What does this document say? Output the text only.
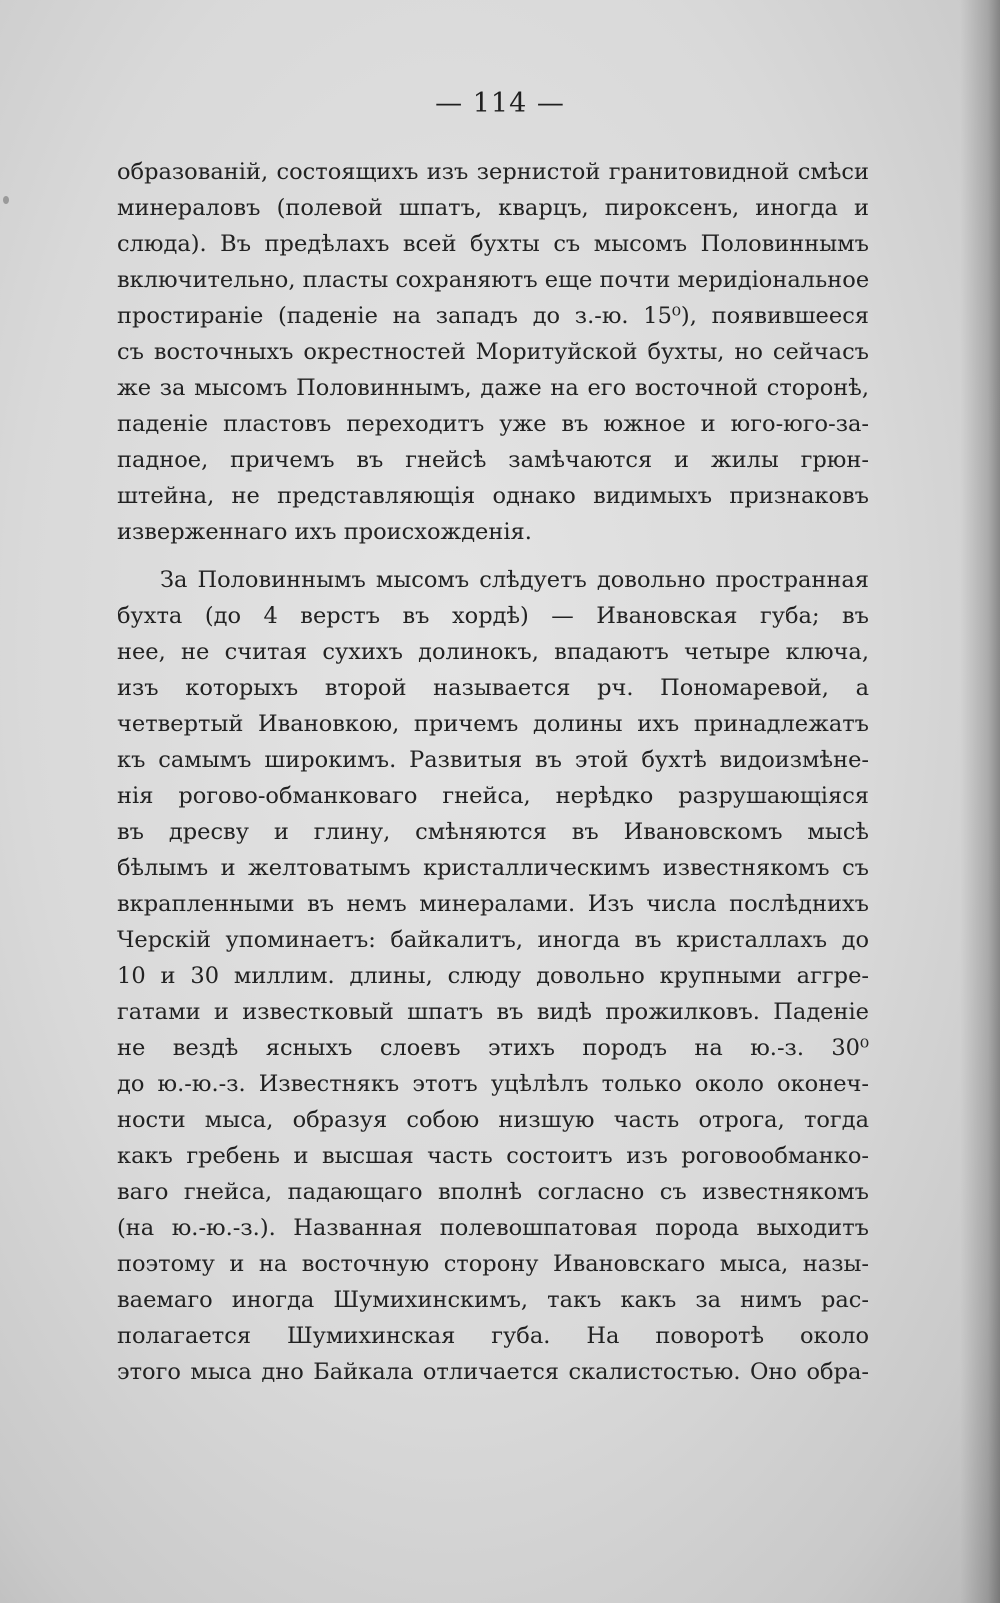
— 114 —
образованій, состоящихъ изъ зернистой гранитовидной смѣси
минераловъ (полевой шпатъ, кварцъ, пироксенъ, иногда и
слюда). Въ предѣлахъ всей бухты съ мысомъ Половиннымъ
включительно, пласты сохраняютъ еще почти меридіональное
простираніе (паденіе на западъ до з.-ю. 15⁰), появившееся
съ восточныхъ окрестностей Моритуйской бухты, но сейчасъ
же за мысомъ Половиннымъ, даже на его восточной сторонѣ,
паденіе пластовъ переходитъ уже въ южное и юго-юго-за-
падное, причемъ въ гнейсѣ замѣчаются и жилы грюн-
штейна, не представляющія однако видимыхъ признаковъ
изверженнаго ихъ происхожденія.
За Половиннымъ мысомъ слѣдуетъ довольно пространная
бухта (до 4 верстъ въ хордѣ) — Ивановская губа; въ
нее, не считая сухихъ долинокъ, впадаютъ четыре ключа,
изъ которыхъ второй называется рч. Пономаревой, а
четвертый Ивановкою, причемъ долины ихъ принадлежатъ
къ самымъ широкимъ. Развитыя въ этой бухтѣ видоизмѣне-
нія рогово-обманковаго гнейса, нерѣдко разрушающіяся
въ дресву и глину, смѣняются въ Ивановскомъ мысѣ
бѣлымъ и желтоватымъ кристаллическимъ известнякомъ съ
вкрапленными въ немъ минералами. Изъ числа послѣднихъ
Черскій упоминаетъ: байкалитъ, иногда въ кристаллахъ до
10 и 30 миллим. длины, слюду довольно крупными аггре-
гатами и известковый шпатъ въ видѣ прожилковъ. Паденіе
не вездѣ ясныхъ слоевъ этихъ породъ на ю.-з. 30⁰
до ю.-ю.-з. Известнякъ этотъ уцѣлѣлъ только около оконеч-
ности мыса, образуя собою низшую часть отрога, тогда
какъ гребень и высшая часть состоитъ изъ роговообманко-
ваго гнейса, падающаго вполнѣ согласно съ известнякомъ
(на ю.-ю.-з.). Названная полевошпатовая порода выходитъ
поэтому и на восточную сторону Ивановскаго мыса, назы-
ваемаго иногда Шумихинскимъ, такъ какъ за нимъ рас-
полагается Шумихинская губа. На поворотѣ около
этого мыса дно Байкала отличается скалистостью. Оно обра-
